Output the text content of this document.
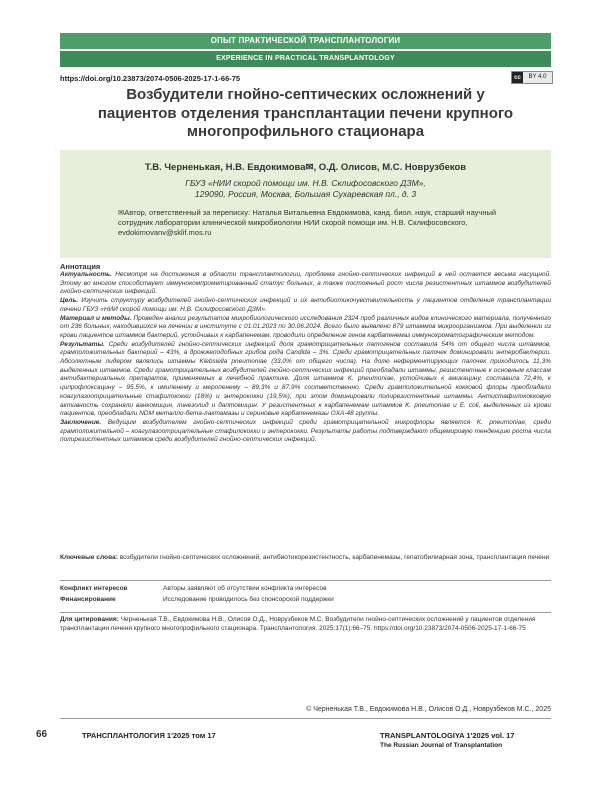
ОПЫТ ПРАКТИЧЕСКОЙ ТРАНСПЛАНТОЛОГИИ
EXPERIENCE IN PRACTICAL TRANSPLANTOLOGY
https://doi.org/10.23873/2074-0506-2025-17-1-66-75	cc	BY 4.0
Возбудители гнойно-септических осложнений у пациентов отделения трансплантации печени крупного многопрофильного стационара
Т.В. Черненькая, Н.В. Евдокимова✉, О.Д. Олисов, М.С. Новрузбеков
ГБУЗ «НИИ скорой помощи им. Н.В. Склифосовского ДЗМ»,
129090, Россия, Москва, Большая Сухаревская пл., д. 3
✉Автор, ответственный за переписку: Наталья Витальевна Евдокимова, канд. биол. наук, старший научный сотрудник лаборатории клинической микробиологии НИИ скорой помощи им. Н.В. Склифосовского, evdokimovanv@sklif.mos.ru
Аннотация

Актуальность. Несмотря на достижения в области трансплантологии, проблема гнойно-септических инфекций в ней остается весьма насущной. Этому во многом способствует иммунокомпрометированный статус больных, а также постоянный рост числа резистентных штаммов возбудителей гнойно-септических инфекций.

Цель. Изучить структуру возбудителей гнойно-септических инфекций и их антибиотикочувствительность у пациентов отделения трансплантации печени ГБУЗ «НИИ скорой помощи им. Н.В. Склифосовского ДЗМ».

Материал и методы. Проведен анализ результатов микробиологического исследования 2324 проб различных видов клинического материала, полученного от 236 больных, находившихся на лечении в институте с 01.01.2023 по 30.06.2024. Всего было выявлено 879 штаммов микроорганизмов. При выделении из крови пациентов штаммов бактерий, устойчивых к карбапенемам, проводили определение генов карбапенемаз иммунохроматографическим методом.

Результаты. Среди возбудителей гнойно-септических инфекций доля грамотрицательных патогенов составила 54% от общего числа штаммов, грамположительных бактерий – 43%, а дрожжеподобных грибов рода Candida – 3%. Среди грамотрицательных палочек доминировали энтеробактерии. Абсолютным лидером являлись штаммы Klebsiella pneumoniae (33,0% от общего числа). На долю неферментирующих палочек приходилось 11,3% выделенных штаммов. Среди грамотрицательных возбудителей гнойно-септических инфекций преобладали штаммы, резистентные к основным классам антибактериальных препаратов, применяемых в лечебной практике. Доля штаммов K. pneumoniae, устойчивых к амикацину, составила 72,4%, к ципрофлоксацину – 95,5%, к имипенему и меропенему – 89,3% и 87,9% соответственно. Среди грамположительной кокковой флоры преобладали коагулазоотрицательные стафилококки (18%) и энтерококки (19,5%), при этом доминировали полирезистентные штаммы. Антистафилококковую активность сохраняли ванкомицин, линезолид и даптомицин. У резистентных к карбапенемам штаммов K. pneumoniae и E. coli, выделенных из крови пациентов, преобладали NDM металло-бета-лактамазы и сериновые карбапенемазы OXA-48 группы.

Заключение. Ведущим возбудителем гнойно-септических инфекций среди грамотрицательной микрофлоры является K. pneumoniae, среди грамположительной – коагулазоотрицательные стафилококки и энтерококки. Результаты работы подтверждают общемировую тенденцию роста числа полирезистентных штаммов среди возбудителей гнойно-септических инфекций.

Ключевые слова: возбудители гнойно-септических осложнений, антибиотикорезистентность, карбапенемазы, гепатобилиарная зона, трансплантация печени
Конфликт интересов	Авторы заявляют об отсутствии конфликта интересов
Финансирование	Исследование проводилось без спонсорской поддержки
Для цитирования: Черненькая Т.В., Евдокимова Н.В., Олисов О.Д., Новрузбеков М.С. Возбудители гнойно-септических осложнений у пациентов отделения трансплантации печени крупного многопрофильного стационара. Трансплантология. 2025;17(1):66–75. https://doi.org/10.23873/2074-0506-2025-17-1-66-75
© Черненькая Т.В., Евдокимова Н.В., Олисов О.Д., Новрузбеков М.С., 2025
66	ТРАНСПЛАНТОЛОГИЯ 1'2025 том 17	TRANSPLANTOLOGIYA 1'2025 vol. 17
The Russian Journal of Transplantation
